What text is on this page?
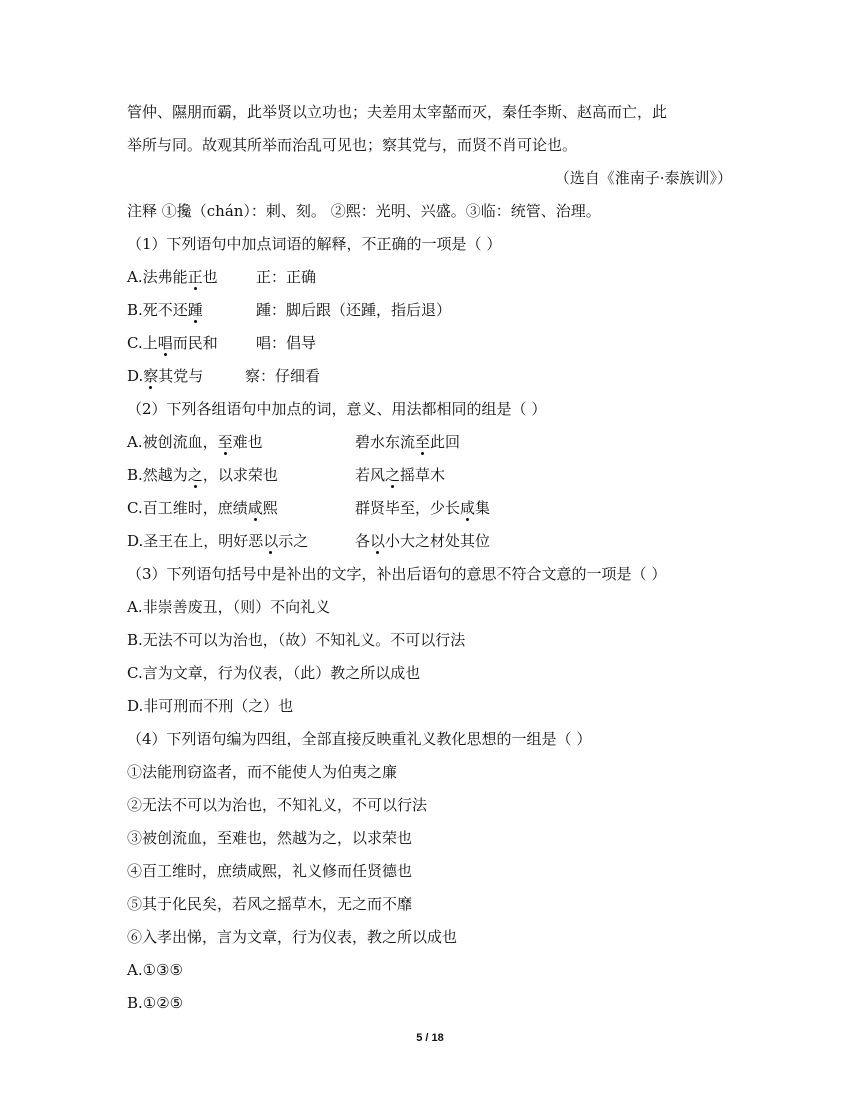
管仲、隰朋而霸，此举贤以立功也；夫差用太宰嚭而灭，秦任李斯、赵高而亡，此
举所与同。故观其所举而治乱可见也；察其党与，而贤不肖可论也。
（选自《淮南子·泰族训》）
注释 ①攙（chán）：刺、刻。 ②熙：光明、兴盛。③临：统管、治理。
（1）下列语句中加点词语的解释，不正确的一项是（ ）
A.法弗能正也	正：正确
B.死不还踵	踵：脚后跟（还踵，指后退）
C.上唱而民和	唱：倡导
D.察其党与	察：仔细看
（2）下列各组语句中加点的词，意义、用法都相同的组是（ ）
A.被创流血，至难也	碧水东流至此回
B.然越为之，以求荣也	若风之摇草木
C.百工维时，庶绩咸熙	群贤毕至，少长咸集
D.圣王在上，明好恶以示之	各以小大之材处其位
（3）下列语句括号中是补出的文字，补出后语句的意思不符合文意的一项是（ ）
A.非崇善废丑，（则）不向礼义
B.无法不可以为治也，（故）不知礼义。不可以行法
C.言为文章，行为仪表，（此）教之所以成也
D.非可刑而不刑（之）也
（4）下列语句编为四组，全部直接反映重礼义教化思想的一组是（ ）
①法能刑窃盗者，而不能使人为伯夷之廉
②无法不可以为治也，不知礼义，不可以行法
③被创流血，至难也，然越为之，以求荣也
④百工维时，庶绩咸熙，礼义修而任贤德也
⑤其于化民矣，若风之摇草木，无之而不靡
⑥入孝出悌，言为文章，行为仪表，教之所以成也
A.①③⑤
B.①②⑤
5 / 18
